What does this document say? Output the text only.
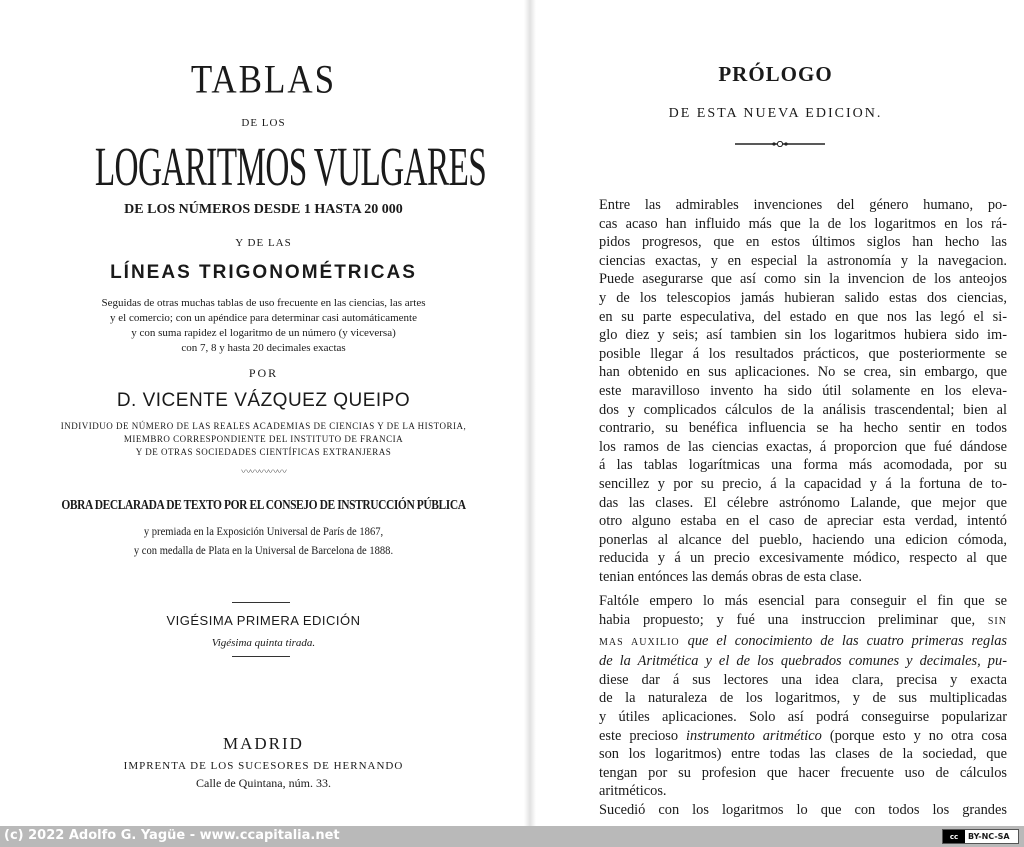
TABLAS
DE LOS
LOGARITMOS VULGARES
DE LOS NÚMEROS DESDE 1 HASTA 20 000
Y DE LAS
LÍNEAS TRIGONOMÉTRICAS
Seguidas de otras muchas tablas de uso frecuente en las ciencias, las artes
y el comercio; con un apéndice para determinar casi automáticamente
y con suma rapidez el logaritmo de un número (y viceversa)
con 7, 8 y hasta 20 decimales exactas
POR
D. VICENTE VÁZQUEZ QUEIPO
INDIVIDUO DE NÚMERO DE LAS REALES ACADEMIAS DE CIENCIAS Y DE LA HISTORIA,
MIEMBRO CORRESPONDIENTE DEL INSTITUTO DE FRANCIA
Y DE OTRAS SOCIEDADES CIENTÍFICAS EXTRANJERAS
〰〰〰〰〰
OBRA DECLARADA DE TEXTO POR EL CONSEJO DE INSTRUCCIÓN PÚBLICA
y premiada en la Exposición Universal de París de 1867,
y con medalla de Plata en la Universal de Barcelona de 1888.
VIGÉSIMA PRIMERA EDICIÓN
Vigésima quinta tirada.
MADRID
IMPRENTA DE LOS SUCESORES DE HERNANDO
Calle de Quintana, núm. 33.
PRÓLOGO
DE ESTA NUEVA EDICION.

Entre las admirables invenciones del género humano, po-
cas acaso han influido más que la de los logaritmos en los rá-
pidos progresos, que en estos últimos siglos han hecho las
ciencias exactas, y en especial la astronomía y la navegacion.
Puede asegurarse que así como sin la invencion de los anteojos
y de los telescopios jamás hubieran salido estas dos ciencias,
en su parte especulativa, del estado en que nos las legó el si-
glo diez y seis; así tambien sin los logaritmos hubiera sido im-
posible llegar á los resultados prácticos, que posteriormente se
han obtenido en sus aplicaciones. No se crea, sin embargo, que
este maravilloso invento ha sido útil solamente en los eleva-
dos y complicados cálculos de la análisis trascendental; bien al
contrario, su benéfica influencia se ha hecho sentir en todos
los ramos de las ciencias exactas, á proporcion que fué dándose
á las tablas logarítmicas una forma más acomodada, por su
sencillez y por su precio, á la capacidad y á la fortuna de to-
das las clases. El célebre astrónomo Lalande, que mejor que
otro alguno estaba en el caso de apreciar esta verdad, intentó
ponerlas al alcance del pueblo, haciendo una edicion cómoda,
reducida y á un precio excesivamente módico, respecto al que
tenian entónces las demás obras de esta clase.

Faltóle empero lo más esencial para conseguir el fin que se
habia propuesto; y fué una instruccion preliminar que, SIN
MAS AUXILIO que el conocimiento de las cuatro primeras reglas
de la Aritmética y el de los quebrados comunes y decimales, pu-
diese dar á sus lectores una idea clara, precisa y exacta
de la naturaleza de los logaritmos, y de sus multiplicadas
y útiles aplicaciones. Solo así podrá conseguirse popularizar
este precioso instrumento aritmético (porque esto y no otra cosa
son los logaritmos) entre todas las clases de la sociedad, que
tengan por su profesion que hacer frecuente uso de cálculos
aritméticos.

Sucedió con los logaritmos lo que con todos los grandes

(c) 2022 Adolfo G. Yagüe - www.ccapitalia.net	cc	BY-NC-SA
